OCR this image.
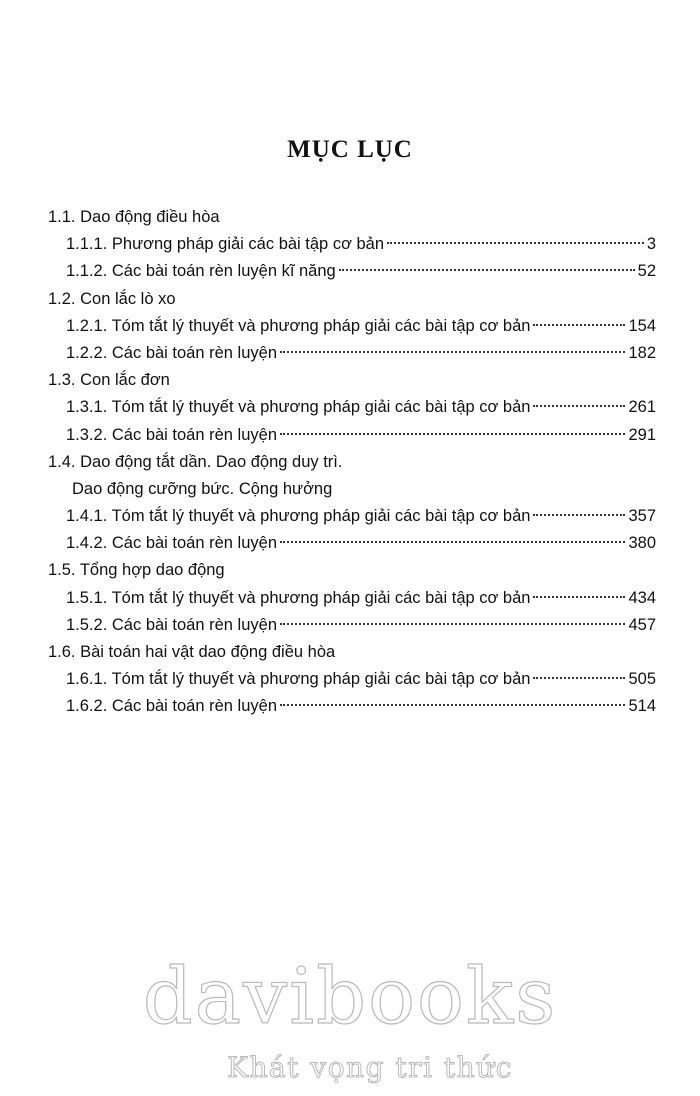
MỤC LỤC
1.1. Dao động điều hòa
1.1.1. Phương pháp giải các bài tập cơ bản	3
1.1.2. Các bài toán rèn luyện kĩ năng	52
1.2. Con lắc lò xo
1.2.1. Tóm tắt lý thuyết và phương pháp giải các bài tập cơ bản	154
1.2.2. Các bài toán rèn luyện	182
1.3. Con lắc đơn
1.3.1. Tóm tắt lý thuyết và phương pháp giải các bài tập cơ bản	261
1.3.2. Các bài toán rèn luyện	291
1.4. Dao động tắt dần. Dao động duy trì.
Dao động cưỡng bức. Cộng hưởng
1.4.1. Tóm tắt lý thuyết và phương pháp giải các bài tập cơ bản	357
1.4.2. Các bài toán rèn luyện	380
1.5. Tổng hợp dao động
1.5.1. Tóm tắt lý thuyết và phương pháp giải các bài tập cơ bản	434
1.5.2. Các bài toán rèn luyện	457
1.6. Bài toán hai vật dao động điều hòa
1.6.1. Tóm tắt lý thuyết và phương pháp giải các bài tập cơ bản	505
1.6.2. Các bài toán rèn luyện	514
davibooks
Khát vọng tri thức
